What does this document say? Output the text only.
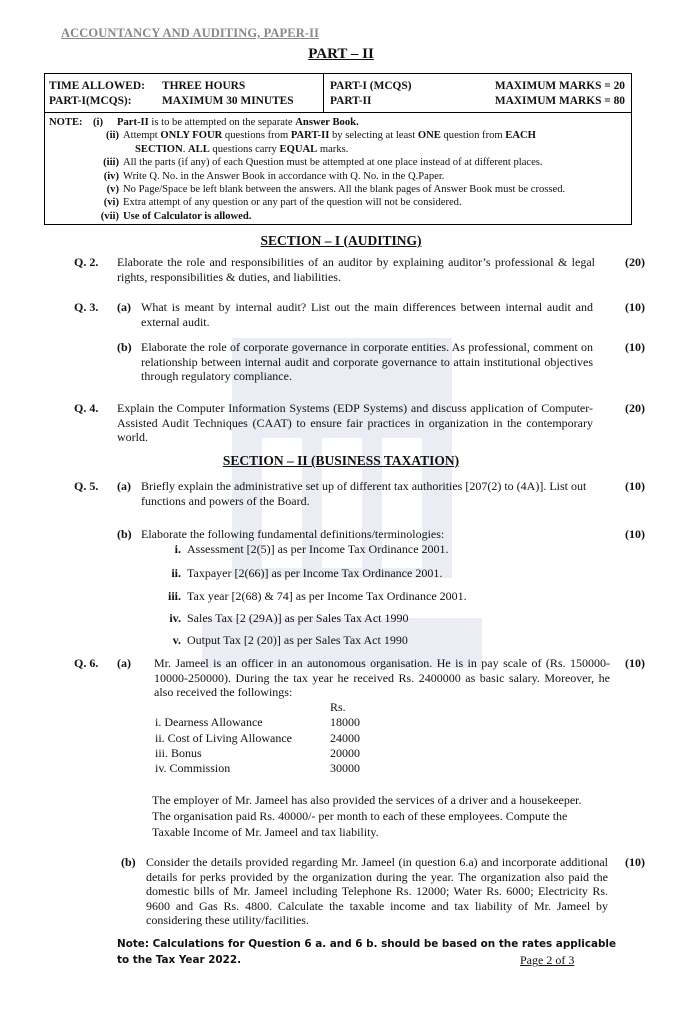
ACCOUNTANCY AND AUDITING, PAPER-II
PART – II
TIME ALLOWED: THREE HOURS
PART-I(MCQS):	MAXIMUM 30 MINUTES
PART-I (MCQS)	MAXIMUM MARKS = 20
PART-II	MAXIMUM MARKS = 80
NOTE: (i)	Part-II is to be attempted on the separate Answer Book.
(ii) Attempt ONLY FOUR questions from PART-II by selecting at least ONE question from EACH
SECTION. ALL questions carry EQUAL marks.
(iii) All the parts (if any) of each Question must be attempted at one place instead of at different places.
(iv) Write Q. No. in the Answer Book in accordance with Q. No. in the Q.Paper.
(v) No Page/Space be left blank between the answers. All the blank pages of Answer Book must be crossed.
(vi) Extra attempt of any question or any part of the question will not be considered.
(vii) Use of Calculator is allowed.
SECTION – I (AUDITING)
Q. 2. Elaborate the role and responsibilities of an auditor by explaining auditor’s professional & legal rights, responsibilities & duties, and liabilities.
(20)
Q. 3. (a) What is meant by internal audit? List out the main differences between internal audit and external audit.
(10)
(b) Elaborate the role of corporate governance in corporate entities. As professional, comment on relationship between internal audit and corporate governance to attain institutional objectives through regulatory compliance.
(10)
Q. 4. Explain the Computer Information Systems (EDP Systems) and discuss application of Computer-Assisted Audit Techniques (CAAT) to ensure fair practices in organization in the contemporary world.
(20)
SECTION – II (BUSINESS TAXATION)
Q. 5. (a) Briefly explain the administrative set up of different tax authorities [207(2) to (4A)]. List out functions and powers of the Board.
(10)
(b) Elaborate the following fundamental definitions/terminologies:	(10)
i. Assessment [2(5)] as per Income Tax Ordinance 2001.
ii. Taxpayer [2(66)] as per Income Tax Ordinance 2001.
iii. Tax year [2(68) & 74] as per Income Tax Ordinance 2001.
iv. Sales Tax [2 (29A)] as per Sales Tax Act 1990
v. Output Tax [2 (20)] as per Sales Tax Act 1990
Q. 6. (a) Mr. Jameel is an officer in an autonomous organisation. He is in pay scale of (Rs. 150000-10000-250000). During the tax year he received Rs. 2400000 as basic salary. Moreover, he also received the followings:
(10)
Rs.
i. Dearness Allowance	18000
ii. Cost of Living Allowance	24000
iii. Bonus	20000
iv. Commission	30000
The employer of Mr. Jameel has also provided the services of a driver and a housekeeper. The organisation paid Rs. 40000/- per month to each of these employees. Compute the Taxable Income of Mr. Jameel and tax liability.
(b) Consider the details provided regarding Mr. Jameel (in question 6.a) and incorporate additional details for perks provided by the organization during the year. The organization also paid the domestic bills of Mr. Jameel including Telephone Rs. 12000; Water Rs. 6000; Electricity Rs. 9600 and Gas Rs. 4800. Calculate the taxable income and tax liability of Mr. Jameel by considering these utility/facilities.
(10)
Note: Calculations for Question 6 a. and 6 b. should be based on the rates applicable to the Tax Year 2022.	Page 2 of 3
